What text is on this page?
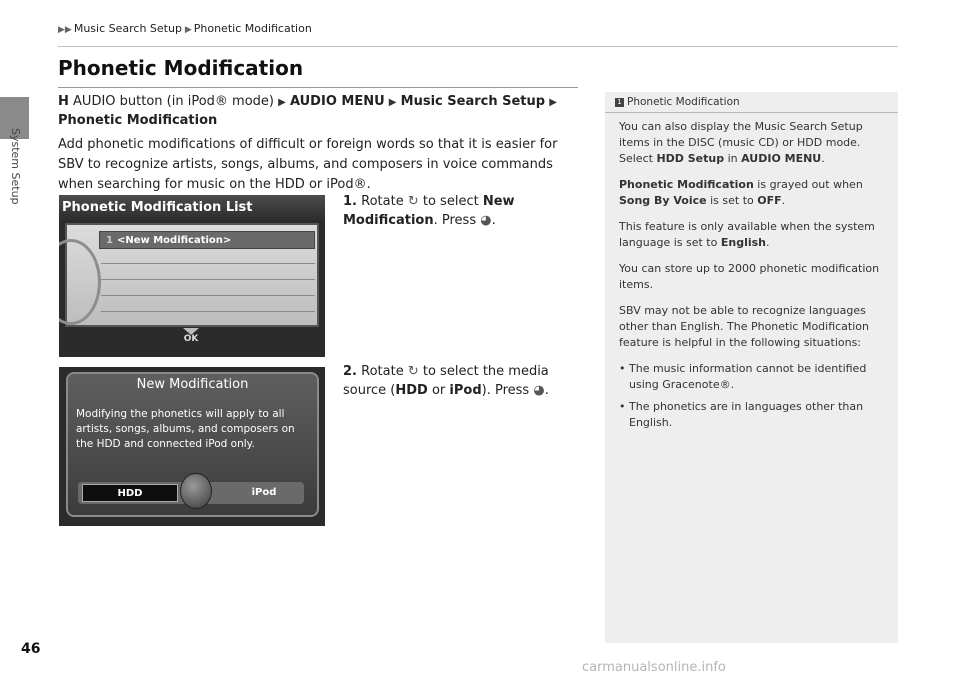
System Setup
▶▶ Music Search Setup ▶ Phonetic Modification
Phonetic Modification
H AUDIO button (in iPod® mode) ▶ AUDIO MENU ▶ Music Search Setup ▶
Phonetic Modification
Add phonetic modifications of difficult or foreign words so that it is easier for SBV to recognize artists, songs, albums, and composers in voice commands when searching for music on the HDD or iPod®.
1. Rotate ↻ to select New Modification. Press ◕.
2. Rotate ↻ to select the media source (HDD or iPod). Press ◕.
Phonetic Modification List
1 <New Modification>
OK
New Modification
Modifying the phonetics will apply to all artists, songs, albums, and composers on the HDD and connected iPod only.
HDD	iPod
1 Phonetic Modification
You can also display the Music Search Setup items in the DISC (music CD) or HDD mode. Select HDD Setup in AUDIO MENU.
Phonetic Modification is grayed out when Song By Voice is set to OFF.
This feature is only available when the system language is set to English.
You can store up to 2000 phonetic modification items.
SBV may not be able to recognize languages other than English. The Phonetic Modification feature is helpful in the following situations:
• The music information cannot be identified using Gracenote®.
• The phonetics are in languages other than English.
46
carmanualsonline.info
